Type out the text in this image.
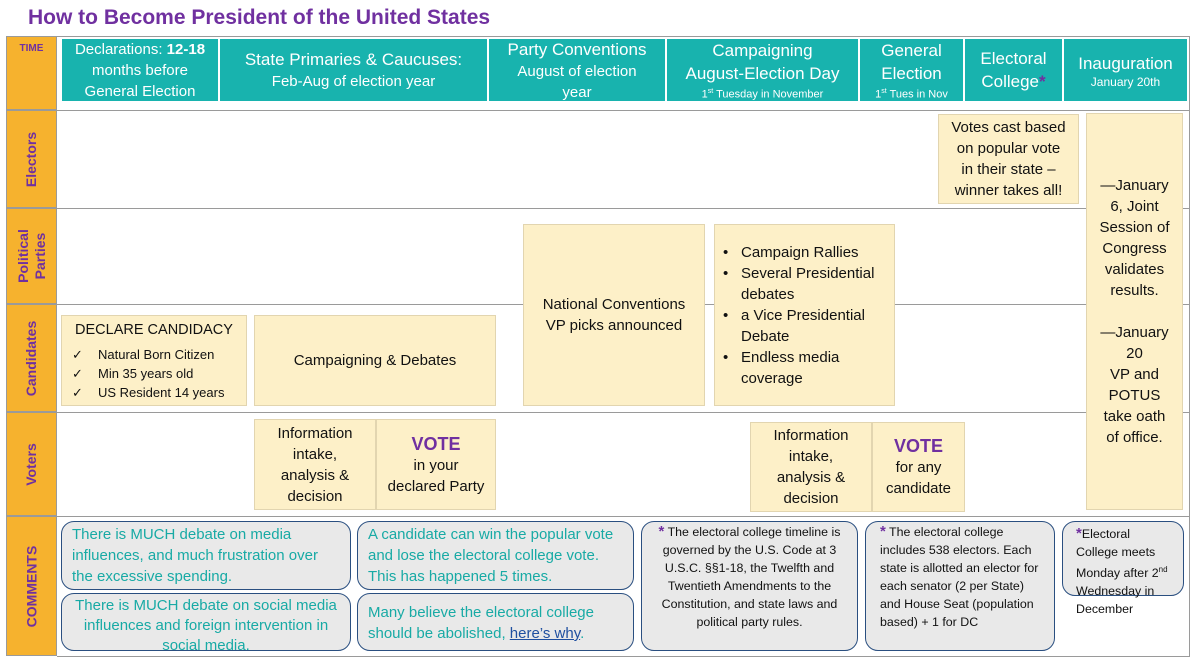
How to Become President of the United States
TIME
Electors
Political Parties
Candidates
Voters
COMMENTS
Declarations: 12-18
months before
General Election
State Primaries & Caucuses:
Feb-Aug of election year
Party Conventions
August of election
year
Campaigning
August-Election Day
1st Tuesday in November
General
Election
1st Tues in Nov
Electoral
College*
Inauguration
January 20th
Votes cast based
on popular vote
in their state –
winner takes all!	—January
6, Joint
Session of
Congress
validates
results.
—January
20
VP and
POTUS
take oath
of office.
National Conventions
VP picks announced
• Campaign Rallies
• Several Presidential debates
• a Vice Presidential Debate
• Endless media coverage
DECLARE CANDIDACY
✓ Natural Born Citizen
✓ Min 35 years old
✓ US Resident 14 years
Campaigning & Debates
Information
intake,
analysis &
decision
VOTE
in your
declared Party
Information
intake,
analysis &
decision
VOTE
for any
candidate
There is MUCH debate on media influences, and much frustration over the excessive spending.
There is MUCH debate on social media influences and foreign intervention in social media.
A candidate can win the popular vote and lose the electoral college vote. This has happened 5 times.
Many believe the electoral college should be abolished, here’s why.
* The electoral college timeline is governed by the U.S. Code at 3 U.S.C. §§1-18, the Twelfth and Twentieth Amendments to the Constitution, and state laws and political party rules.
* The electoral college includes 538 electors. Each state is allotted an elector for each senator (2 per State) and House Seat (population based) + 1 for DC
*Electoral College meets Monday after 2nd Wednesday in December
